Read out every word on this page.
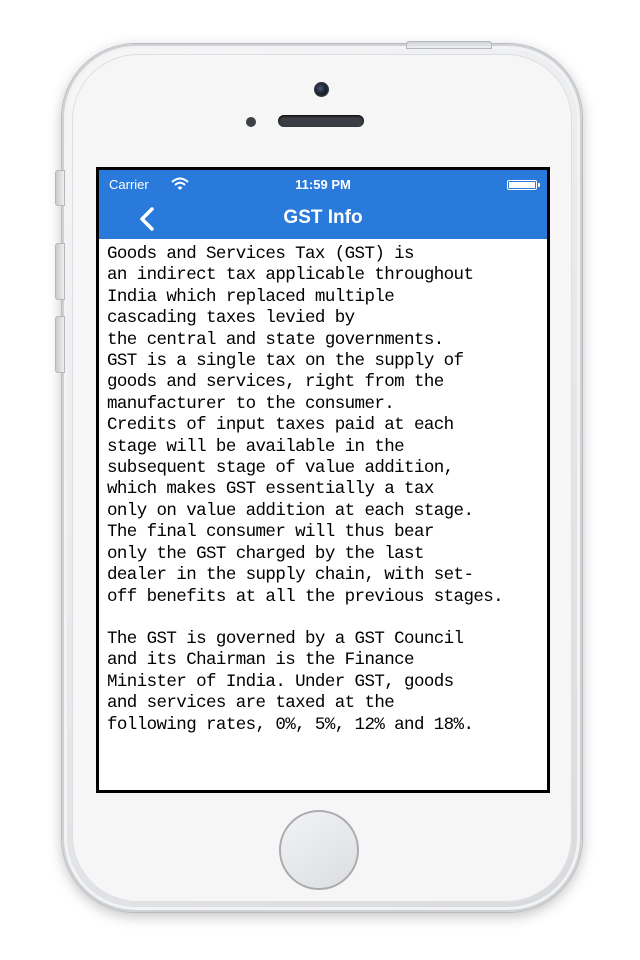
Carrier	11:59 PM
GST Info

Goods and Services Tax (GST) is
an indirect tax applicable throughout
India which replaced multiple
cascading taxes levied by
the central and state governments.
GST is a single tax on the supply of
goods and services, right from the
manufacturer to the consumer.
Credits of input taxes paid at each
stage will be available in the
subsequent stage of value addition,
which makes GST essentially a tax
only on value addition at each stage.
The final consumer will thus bear
only the GST charged by the last
dealer in the supply chain, with set-
off benefits at all the previous stages.

The GST is governed by a GST Council
and its Chairman is the Finance
Minister of India. Under GST, goods
and services are taxed at the
following rates, 0%, 5%, 12% and 18%.
